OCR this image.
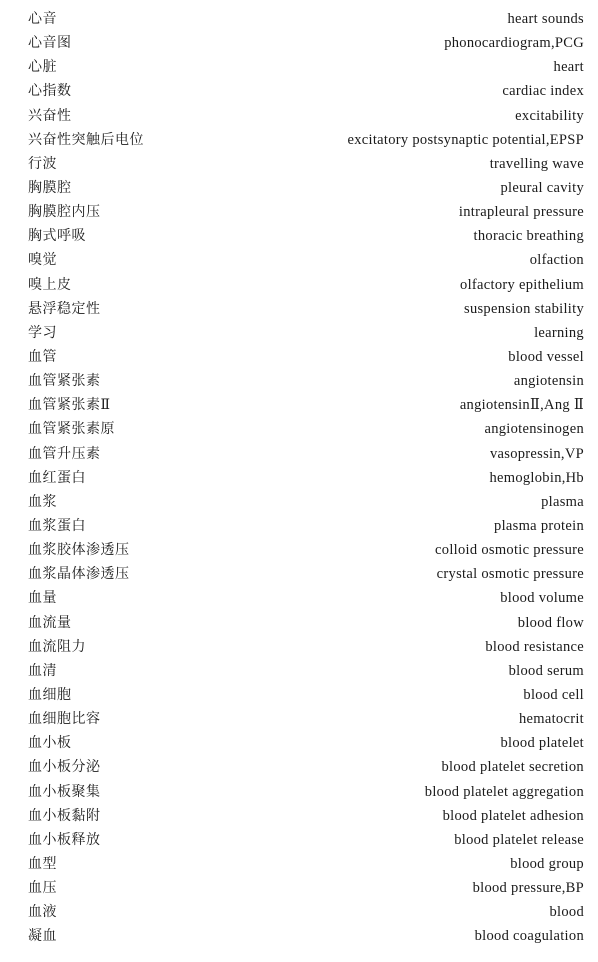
心音	heart sounds
心音图	phonocardiogram,PCG
心脏	heart
心指数	cardiac index
兴奋性	excitability
兴奋性突触后电位	excitatory postsynaptic potential,EPSP
行波	travelling wave
胸膜腔	pleural cavity
胸膜腔内压	intrapleural pressure
胸式呼吸	thoracic breathing
嗅觉	olfaction
嗅上皮	olfactory epithelium
悬浮稳定性	suspension stability
学习	learning
血管	blood vessel
血管紧张素	angiotensin
血管紧张素Ⅱ	angiotensinⅡ,Ang Ⅱ
血管紧张素原	angiotensinogen
血管升压素	vasopressin,VP
血红蛋白	hemoglobin,Hb
血浆	plasma
血浆蛋白	plasma protein
血浆胶体渗透压	colloid osmotic pressure
血浆晶体渗透压	crystal osmotic pressure
血量	blood volume
血流量	blood flow
血流阻力	blood resistance
血清	blood serum
血细胞	blood cell
血细胞比容	hematocrit
血小板	blood platelet
血小板分泌	blood platelet secretion
血小板聚集	blood platelet aggregation
血小板黏附	blood platelet adhesion
血小板释放	blood platelet release
血型	blood group
血压	blood pressure,BP
血液	blood
凝血	blood coagulation
